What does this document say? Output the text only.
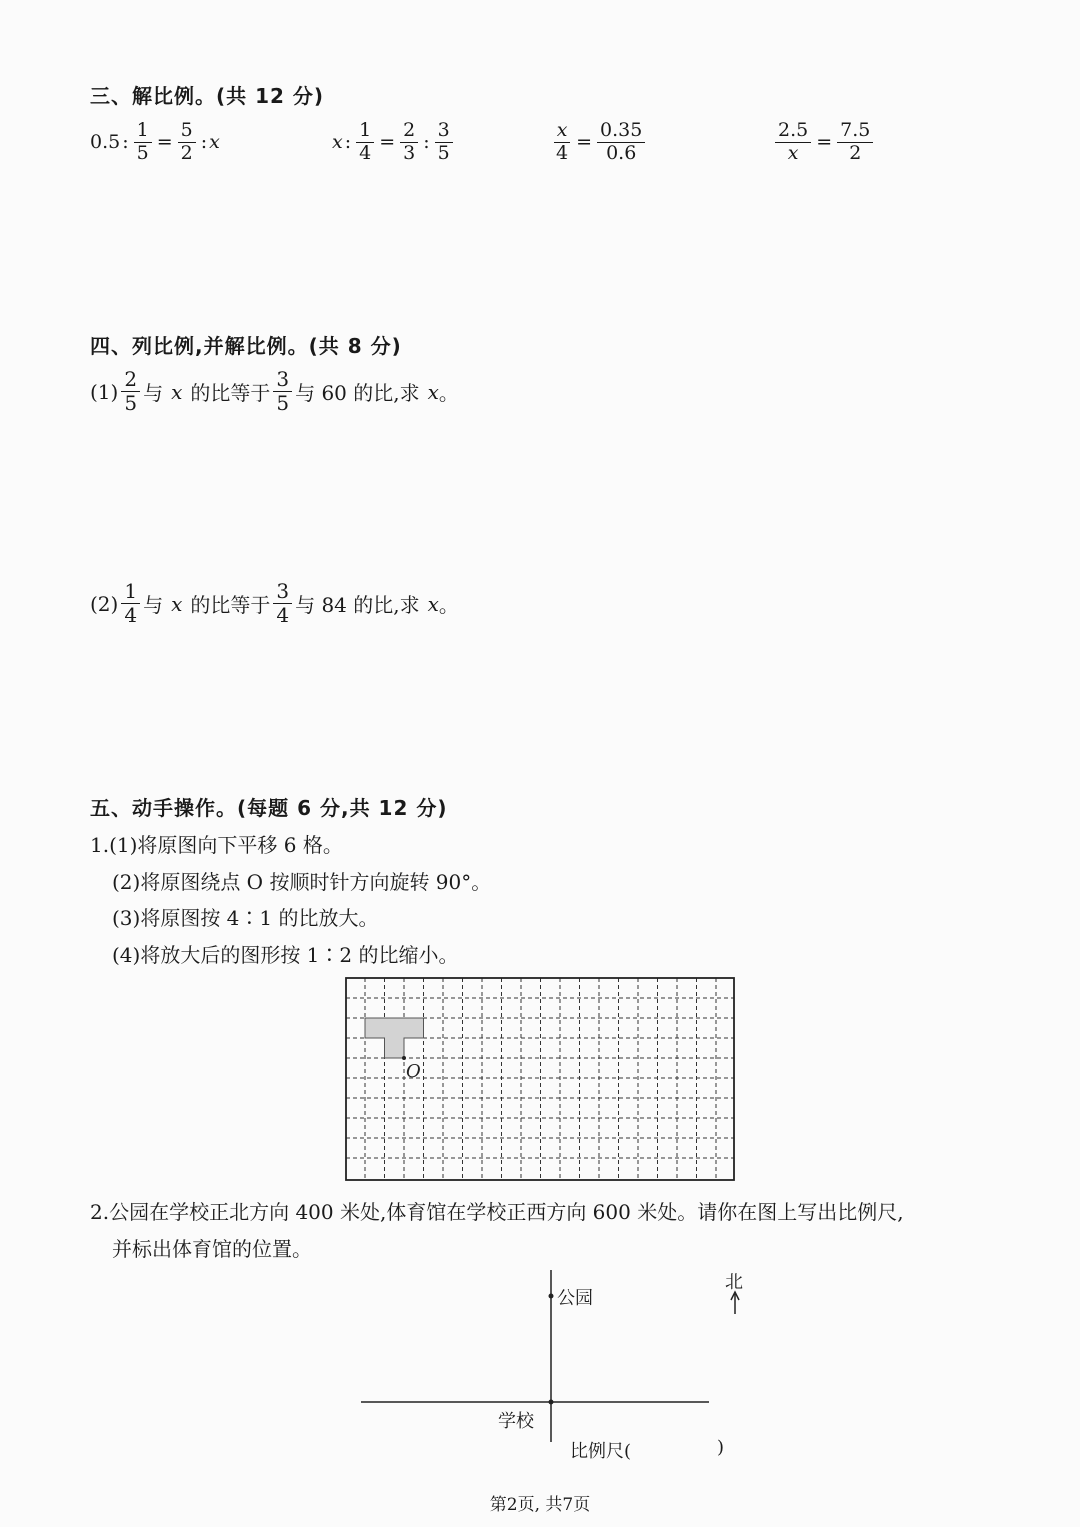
三、解比例。(共 12 分)
0.5 : $\frac{1}{5} = \frac{5}{2}$ : x	x : $\frac{1}{4} = \frac{2}{3}$ : $\frac{3}{5}$	$\frac{x}{4} = \frac{0.35}{0.6}$	$\frac{2.5}{x} = \frac{7.5}{2}$
四、列比例,并解比例。(共 8 分)
$(1) \frac{2}{5}$ 与 x 的比等于 $\frac{3}{5}$ 与 60 的比,求 x 。
$(2) \frac{1}{4}$ 与 x 的比等于 $\frac{3}{4}$ 与 84 的比,求 x 。
五、动手操作。(每题 6 分,共 12 分)
1.(1)将原图向下平移 6 格。
(2)将原图绕点 O 按顺时针方向旋转 90°。
(3)将原图按 4∶1 的比放大。
(4)将放大后的图形按 1∶2 的比缩小。
O
2.公园在学校正北方向 400 米处,体育馆在学校正西方向 600 米处。请你在图上写出比例尺,
并标出体育馆的位置。
公园
学校
北
比例尺(	)
第2页, 共7页
